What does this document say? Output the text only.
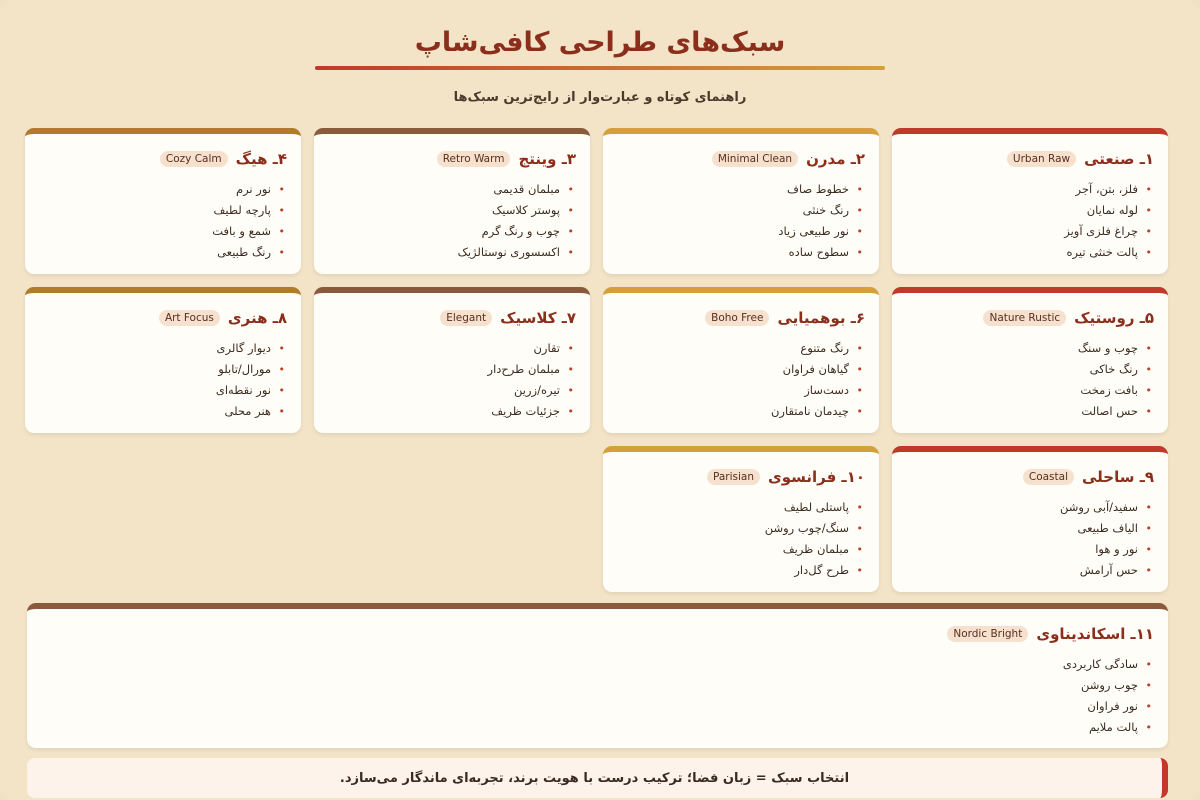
سبک‌های طراحی کافی‌شاپ
راهنمای کوتاه و عبارت‌وار از رایج‌ترین سبک‌ها
۱ـ صنعتی
Urban Raw
• فلز، بتن، آجر
• لوله نمایان
• چراغ فلزی آویز
• پالت خنثی تیره
۲ـ مدرن
Minimal Clean
• خطوط صاف
• رنگ خنثی
• نور طبیعی زیاد
• سطوح ساده
۳ـ وینتج
Retro Warm
• مبلمان قدیمی
• پوستر کلاسیک
• چوب و رنگ گرم
• اکسسوری نوستالژیک
۴ـ هیگ
Cozy Calm
• نور نرم
• پارچه لطیف
• شمع و بافت
• رنگ طبیعی
۵ـ روستیک
Nature Rustic
• چوب و سنگ
• رنگ خاکی
• بافت زمخت
• حس اصالت
۶ـ بوهمیایی
Boho Free
• رنگ متنوع
• گیاهان فراوان
• دست‌ساز
• چیدمان نامتقارن
۷ـ کلاسیک
Elegant
• تقارن
• مبلمان طرح‌دار
• تیره/زرین
• جزئیات ظریف
۸ـ هنری
Art Focus
• دیوار گالری
• مورال/تابلو
• نور نقطه‌ای
• هنر محلی
۹ـ ساحلی
Coastal
• سفید/آبی روشن
• الیاف طبیعی
• نور و هوا
• حس آرامش
۱۰ـ فرانسوی
Parisian
• پاستلی لطیف
• سنگ/چوب روشن
• مبلمان ظریف
• طرح گل‌دار
۱۱ـ اسکاندیناوی
Nordic Bright
• سادگی کاربردی
• چوب روشن
• نور فراوان
• پالت ملایم
انتخاب سبک = زبان فضا؛ ترکیب درست با هویت برند، تجربه‌ای ماندگار می‌سازد.
